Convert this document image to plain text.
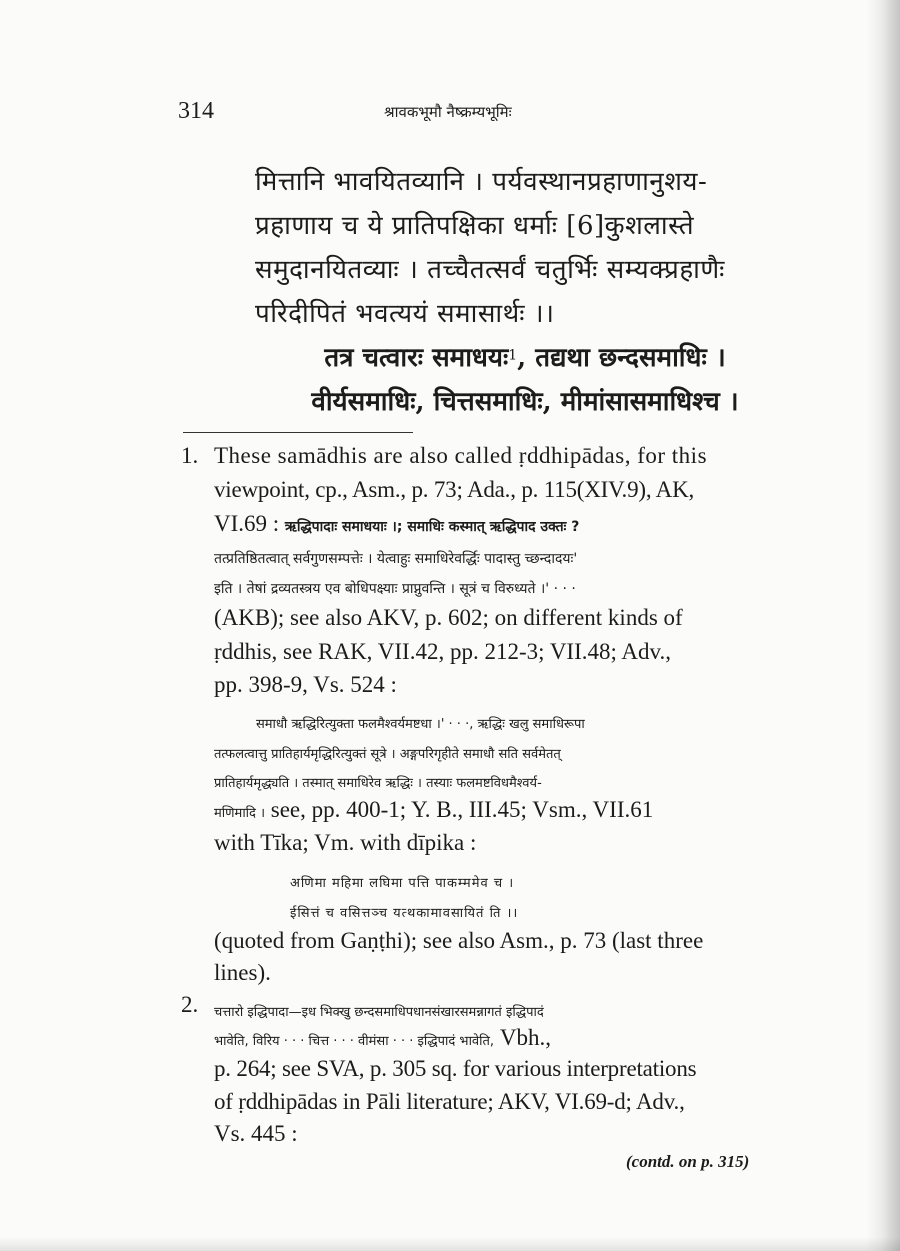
314	श्रावकभूमौ नैष्क्रम्यभूमिः
मित्तानि भावयितव्यानि । पर्यवस्थानप्रहाणानुशय-
प्रहाणाय च ये प्रातिपक्षिका धर्माः [6]कुशलास्ते
समुदानयितव्याः । तच्चैतत्सर्वं चतुर्भिः सम्यक्प्रहाणैः
परिदीपितं भवत्ययं समासार्थः ।।
तत्र चत्वारः समाधयः$^1$, तद्यथा छन्दसमाधिः ।
वीर्यसमाधिः, चित्तसमाधिः, मीमांसासमाधिश्च ।
1. These samādhis are also called ṛddhipādas, for this
viewpoint, cp., Asm., p. 73; Ada., p. 115(XIV.9), AK,
VI.69 : ऋद्धिपादाः समाधयाः ।; समाधिः कस्मात् ऋद्धिपाद उक्तः ?
तत्प्रतिष्ठितत्वात् सर्वगुणसम्पत्तेः । येत्वाहुः समाधिरेवर्द्धिः पादास्तु च्छन्दादयः'
इति । तेषां द्रव्यतस्त्रय एव बोधिपक्ष्याः प्राप्नुवन्ति । सूत्रं च विरुध्यते ।' · · ·
(AKB); see also AKV, p. 602; on different kinds of
ṛddhis, see RAK, VII.42, pp. 212-3; VII.48; Adv.,
pp. 398-9, Vs. 524 :
समाधौ ऋद्धिरित्युक्ता फलमैश्वर्यमष्टधा ।' · · ·, ऋद्धिः खलु समाधिरूपा
तत्फलत्वात्तु प्रातिहार्यमृद्धिरित्युक्तं सूत्रे । अङ्गपरिगृहीते समाधौ सति सर्वमेतत्
प्रातिहार्यमृद्ध्यति । तस्मात् समाधिरेव ऋद्धिः । तस्याः फलमष्टविधमैश्वर्य-
मणिमादि । see, pp. 400-1; Y. B., III.45; Vsm., VII.61
with Tīka; Vm. with dīpika :
अणिमा महिमा लघिमा पत्ति पाकम्ममेव च ।
ईसित्तं च वसित्तञ्च यत्थकामावसायितं ति ।।
(quoted from Gaṇṭhi); see also Asm., p. 73 (last three
lines).
2. चत्तारो इद्धिपादा—इध भिक्खु छन्दसमाधिपधानसंखारसमन्नागतं इद्धिपादं
भावेति, विरिय · · · चित्त · · · वीमंसा · · · इद्धिपादं भावेति, Vbh.,
p. 264; see SVA, p. 305 sq. for various interpretations
of ṛddhipādas in Pāli literature; AKV, VI.69-d; Adv.,
Vs. 445 :
(contd. on p. 315)
